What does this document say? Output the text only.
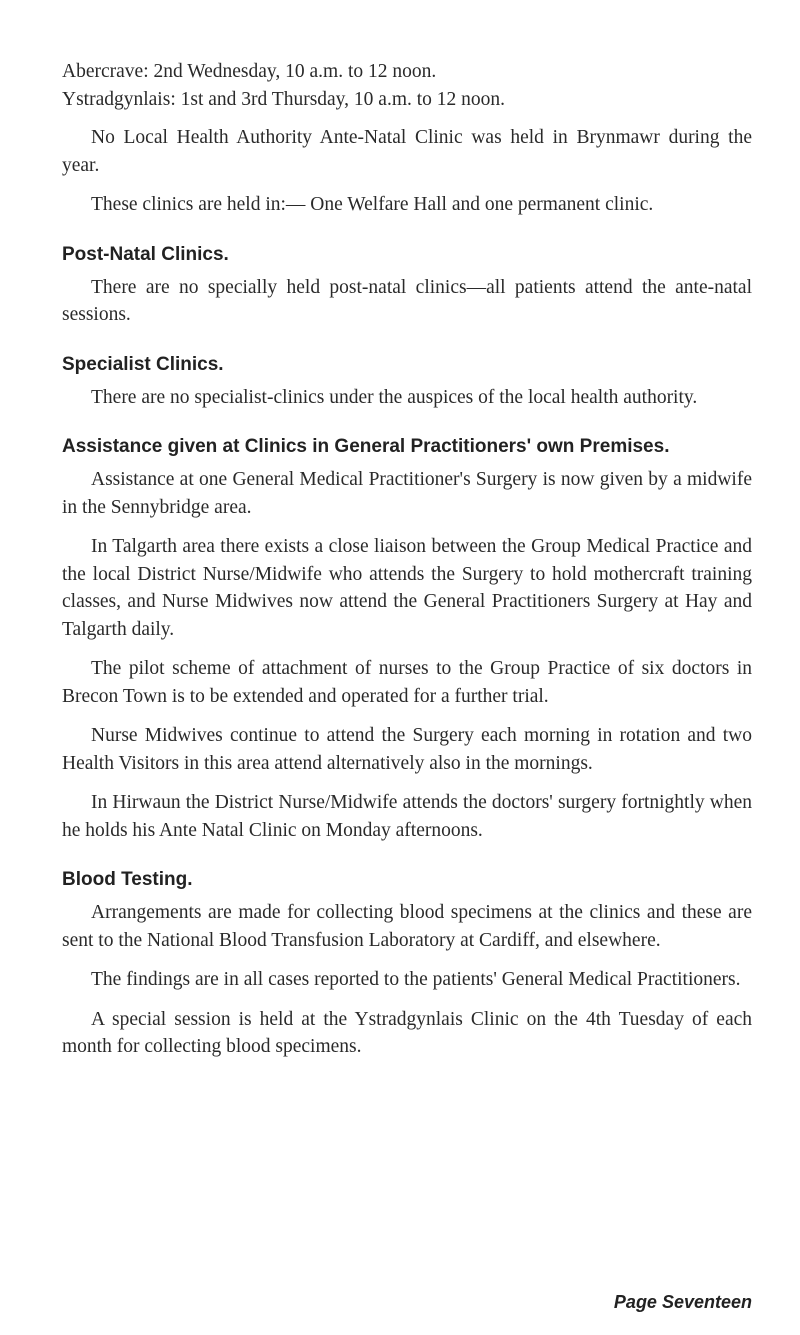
Abercrave: 2nd Wednesday, 10 a.m. to 12 noon.

Ystradgynlais: 1st and 3rd Thursday, 10 a.m. to 12 noon.

No Local Health Authority Ante-Natal Clinic was held in Brynmawr during the year.

These clinics are held in:— One Welfare Hall and one permanent clinic.

Post-Natal Clinics.

There are no specially held post-natal clinics—all patients attend the ante-natal sessions.

Specialist Clinics.

There are no specialist-clinics under the auspices of the local health authority.

Assistance given at Clinics in General Practitioners' own Premises.

Assistance at one General Medical Practitioner's Surgery is now given by a midwife in the Sennybridge area.

In Talgarth area there exists a close liaison between the Group Medical Practice and the local District Nurse/Midwife who attends the Surgery to hold mothercraft training classes, and Nurse Midwives now attend the General Practitioners Surgery at Hay and Talgarth daily.

The pilot scheme of attachment of nurses to the Group Practice of six doctors in Brecon Town is to be extended and operated for a further trial.

Nurse Midwives continue to attend the Surgery each morning in rotation and two Health Visitors in this area attend alternatively also in the mornings.

In Hirwaun the District Nurse/Midwife attends the doctors' surgery fortnightly when he holds his Ante Natal Clinic on Monday afternoons.

Blood Testing.

Arrangements are made for collecting blood specimens at the clinics and these are sent to the National Blood Transfusion Laboratory at Cardiff, and elsewhere.

The findings are in all cases reported to the patients' General Medical Practitioners.

A special session is held at the Ystradgynlais Clinic on the 4th Tuesday of each month for collecting blood specimens.

Page Seventeen
